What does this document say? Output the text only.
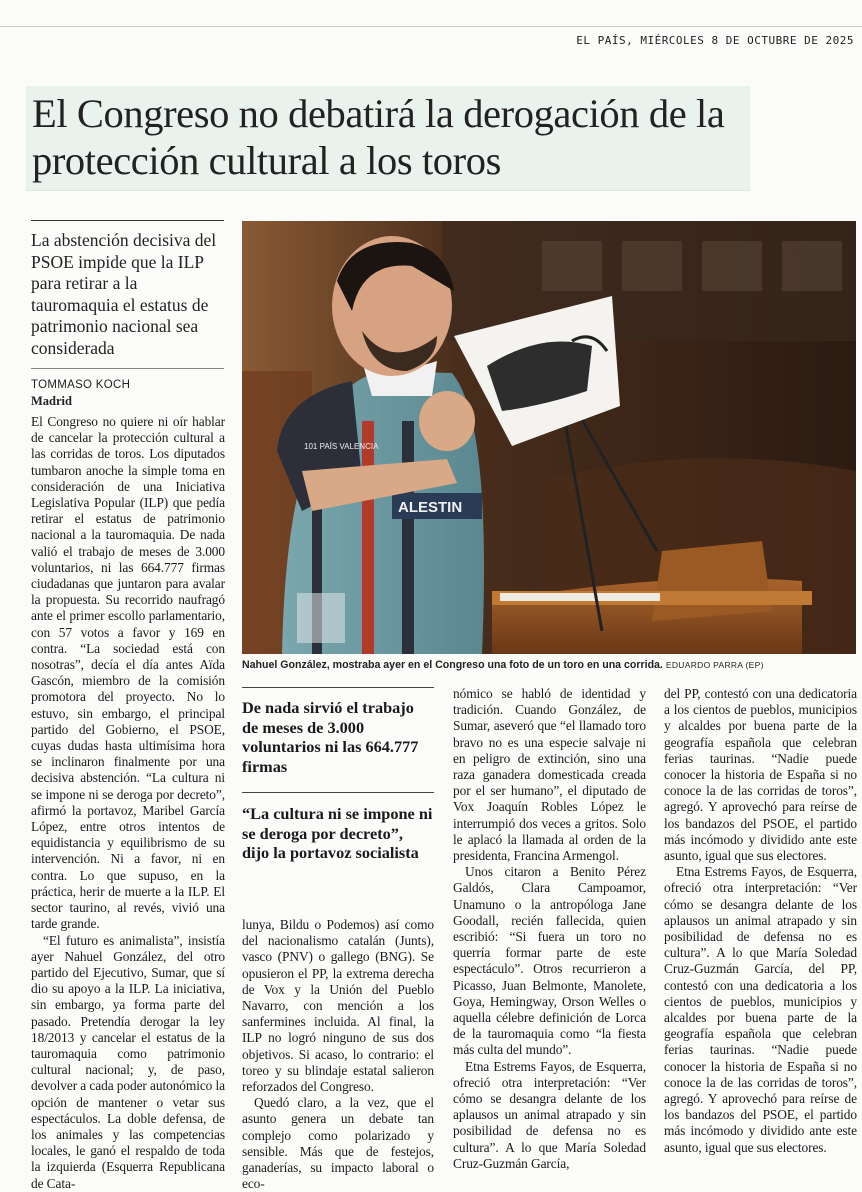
EL PAÍS, MIÉRCOLES 8 DE OCTUBRE DE 2025
El Congreso no debatirá la derogación de la protección cultural a los toros

La abstención decisiva del PSOE impide que la ILP para retirar a la tauromaquia el estatus de patrimonio nacional sea considerada

TOMMASO KOCH
Madrid

El Congreso no quiere ni oír hablar de cancelar la protección cultural a las corridas de toros. Los diputados tumbaron anoche la simple toma en consideración de una Iniciativa Legislativa Popular (ILP) que pedía retirar el estatus de patrimonio nacional a la tauromaquia. De nada valió el trabajo de meses de 3.000 voluntarios, ni las 664.777 firmas ciudadanas que juntaron para avalar la propuesta. Su recorrido naufragó ante el primer escollo parlamentario, con 57 votos a favor y 169 en contra. “La sociedad está con nosotras”, decía el día antes Aïda Gascón, miembro de la comisión promotora del proyecto. No lo estuvo, sin embargo, el principal partido del Gobierno, el PSOE, cuyas dudas hasta ultimísima hora se inclinaron finalmente por una decisiva abstención. “La cultura ni se impone ni se deroga por decreto”, afirmó la portavoz, Maribel García López, entre otros intentos de equidistancia y equilibrismo de su intervención. Ni a favor, ni en contra. Lo que supuso, en la práctica, herir de muerte a la ILP. El sector taurino, al revés, vivió una tarde grande.

“El futuro es animalista”, insistía ayer Nahuel González, del otro partido del Ejecutivo, Sumar, que sí dio su apoyo a la ILP. La iniciativa, sin embargo, ya forma parte del pasado. Pretendía derogar la ley 18/2013 y cancelar el estatus de la tauromaquia como patrimonio cultural nacional; y, de paso, devolver a cada poder autonómico la opción de mantener o vetar sus espectáculos. La doble defensa, de los animales y las competencias locales, le ganó el respaldo de toda la izquierda (Esquerra Republicana de Cata-

ALESTIN
101 PAÍS VALENCIA
Nahuel González, mostraba ayer en el Congreso una foto de un toro en una corrida. EDUARDO PARRA (EP)

De nada sirvió el trabajo de meses de 3.000 voluntarios ni las 664.777 firmas

“La cultura ni se impone ni se deroga por decreto”, dijo la portavoz socialista

lunya, Bildu o Podemos) así como del nacionalismo catalán (Junts), vasco (PNV) o gallego (BNG). Se opusieron el PP, la extrema derecha de Vox y la Unión del Pueblo Navarro, con mención a los sanfermines incluida. Al final, la ILP no logró ninguno de sus dos objetivos. Si acaso, lo contrario: el toreo y su blindaje estatal salieron reforzados del Congreso.

Quedó claro, a la vez, que el asunto genera un debate tan complejo como polarizado y sensible. Más que de festejos, ganaderías, su impacto laboral o eco-

nómico se habló de identidad y tradición. Cuando González, de Sumar, aseveró que “el llamado toro bravo no es una especie salvaje ni en peligro de extinción, sino una raza ganadera domesticada creada por el ser humano”, el diputado de Vox Joaquín Robles López le interrumpió dos veces a gritos. Solo le aplacó la llamada al orden de la presidenta, Francina Armengol.

Unos citaron a Benito Pérez Galdós, Clara Campoamor, Unamuno o la antropóloga Jane Goodall, recién fallecida, quien escribió: “Si fuera un toro no querría formar parte de este espectáculo”. Otros recurrieron a Picasso, Juan Belmonte, Manolete, Goya, Hemingway, Orson Welles o aquella célebre definición de Lorca de la tauromaquia como “la fiesta más culta del mundo”.

Etna Estrems Fayos, de Esquerra, ofreció otra interpretación: “Ver cómo se desangra delante de los aplausos un animal atrapado y sin posibilidad de defensa no es cultura”. A lo que María Soledad Cruz-Guzmán García,

del PP, contestó con una dedicatoria a los cientos de pueblos, municipios y alcaldes por buena parte de la geografía española que celebran ferias taurinas. “Nadie puede conocer la historia de España si no conoce la de las corridas de toros”, agregó. Y aprovechó para reírse de los bandazos del PSOE, el partido más incómodo y dividido ante este asunto, igual que sus electores.

Etna Estrems Fayos, de Esquerra, ofreció otra interpretación: “Ver cómo se desangra delante de los aplausos un animal atrapado y sin posibilidad de defensa no es cultura”. A lo que María Soledad Cruz-Guzmán García, del PP, contestó con una dedicatoria a los cientos de pueblos, municipios y alcaldes por buena parte de la geografía española que celebran ferias taurinas. “Nadie puede conocer la historia de España si no conoce la de las corridas de toros”, agregó. Y aprovechó para reírse de los bandazos del PSOE, el partido más incómodo y dividido ante este asunto, igual que sus electores.
